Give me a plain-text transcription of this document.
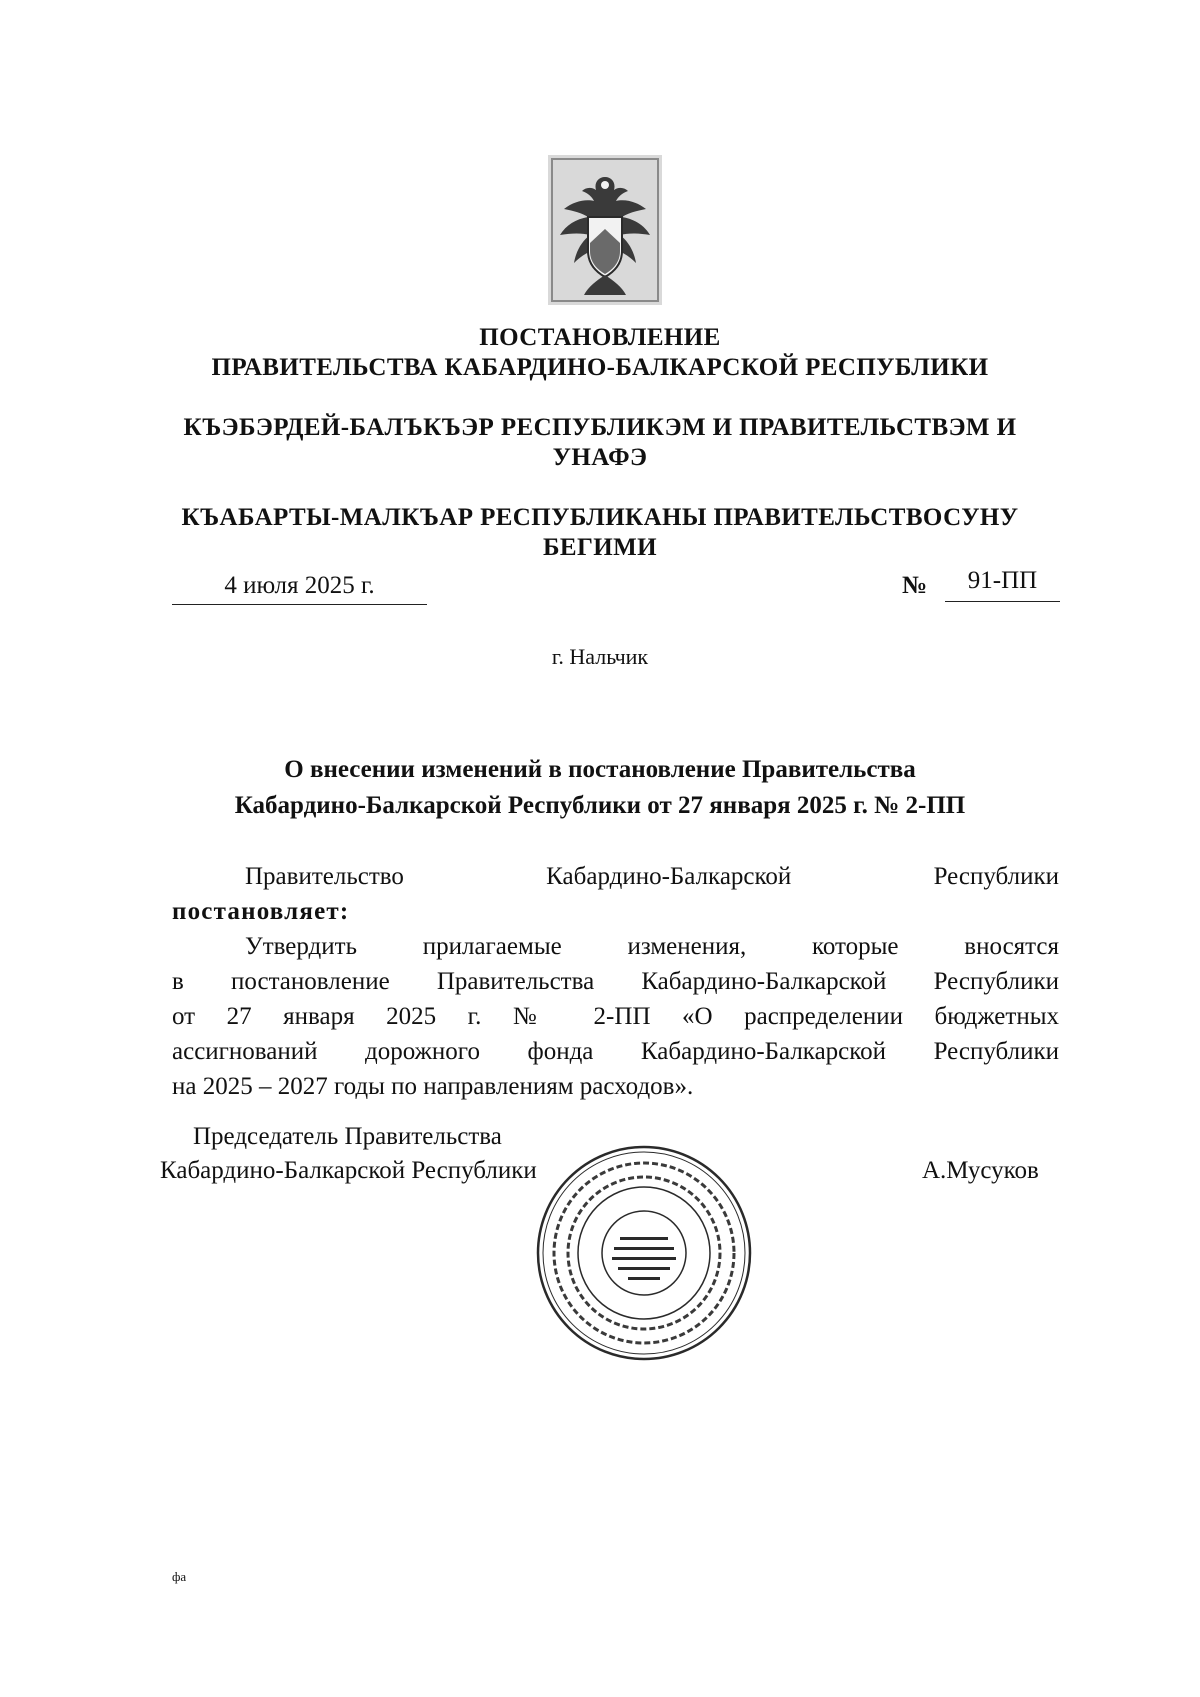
ПОСТАНОВЛЕНИЕ
ПРАВИТЕЛЬСТВА КАБАРДИНО-БАЛКАРСКОЙ РЕСПУБЛИКИ
КЪЭБЭРДЕЙ-БАЛЪКЪЭР РЕСПУБЛИКЭМ И ПРАВИТЕЛЬСТВЭМ И
УНАФЭ
КЪАБАРТЫ-МАЛКЪАР РЕСПУБЛИКАНЫ ПРАВИТЕЛЬСТВОСУНУ
БЕГИМИ
4 июля 2025 г.	№	91-ПП
г. Нальчик
О внесении изменений в постановление Правительства
Кабардино-Балкарской Республики от 27 января 2025 г. № 2-ПП
Правительство Кабардино-Балкарской Республики
постановляет:
Утвердить прилагаемые изменения, которые вносятся
в постановление Правительства Кабардино-Балкарской Республики
от 27 января 2025 г. № 2-ПП «О распределении бюджетных
ассигнований дорожного фонда Кабардино-Балкарской Республики
на 2025 – 2027 годы по направлениям расходов».
Председатель Правительства
Кабардино-Балкарской Республики	А.Мусуков
фа
